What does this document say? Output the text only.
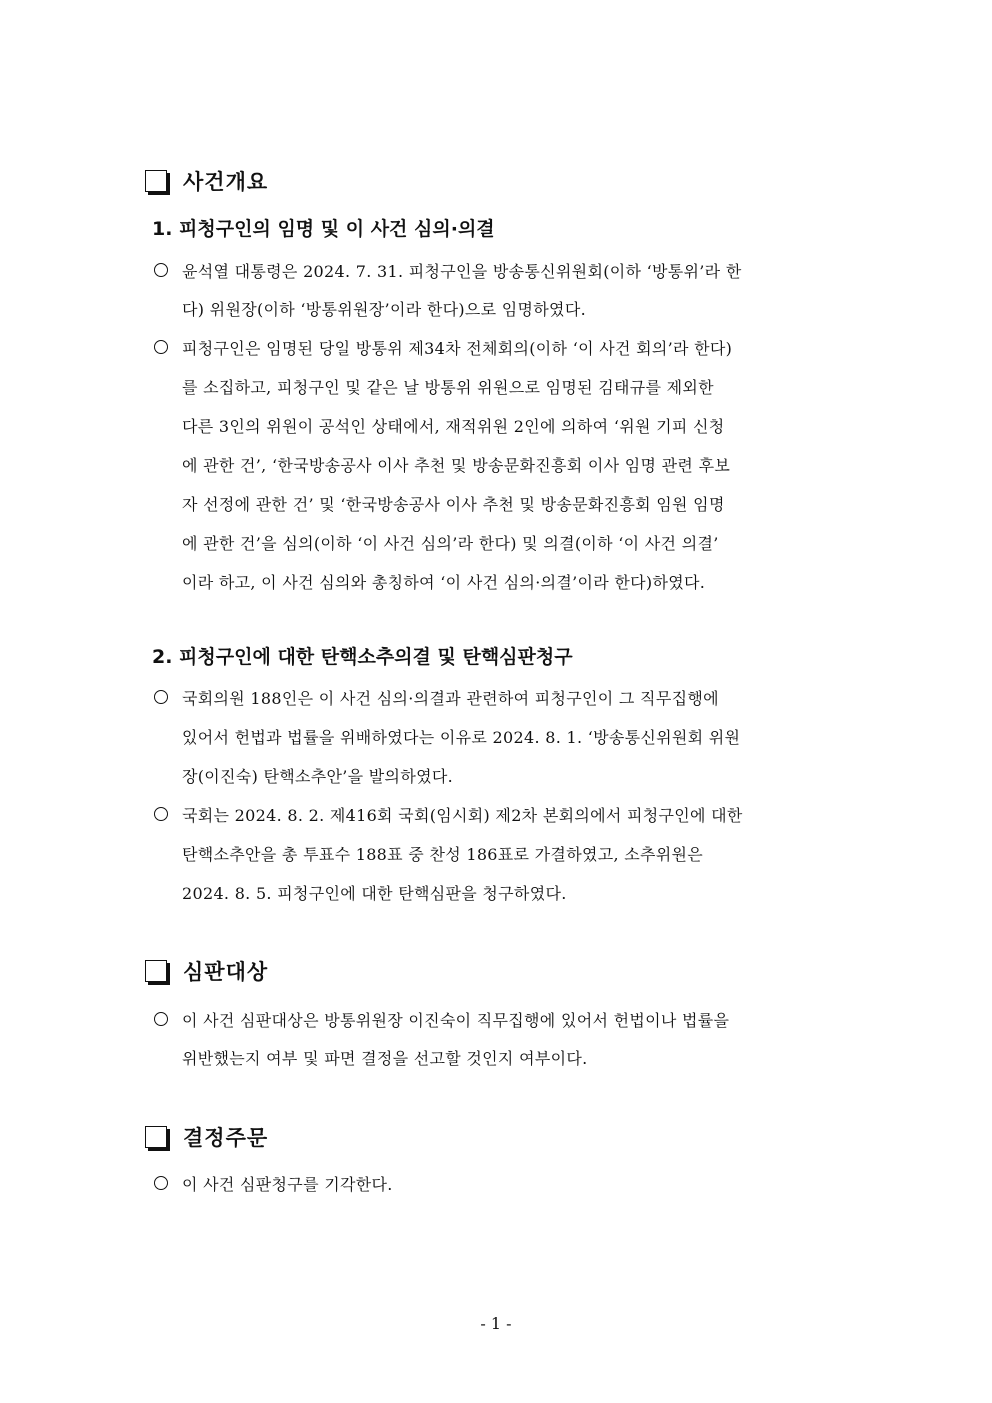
사건개요
1. 피청구인의 임명 및 이 사건 심의·의결
윤석열 대통령은 2024. 7. 31. 피청구인을 방송통신위원회(이하 ‘방통위’라 한
다) 위원장(이하 ‘방통위원장’이라 한다)으로 임명하였다.
피청구인은 임명된 당일 방통위 제34차 전체회의(이하 ‘이 사건 회의’라 한다)
를 소집하고, 피청구인 및 같은 날 방통위 위원으로 임명된 김태규를 제외한
다른 3인의 위원이 공석인 상태에서, 재적위원 2인에 의하여 ‘위원 기피 신청
에 관한 건’, ‘한국방송공사 이사 추천 및 방송문화진흥회 이사 임명 관련 후보
자 선정에 관한 건’ 및 ‘한국방송공사 이사 추천 및 방송문화진흥회 임원 임명
에 관한 건’을 심의(이하 ‘이 사건 심의’라 한다) 및 의결(이하 ‘이 사건 의결’
이라 하고, 이 사건 심의와 총칭하여 ‘이 사건 심의·의결’이라 한다)하였다.
2. 피청구인에 대한 탄핵소추의결 및 탄핵심판청구
국회의원 188인은 이 사건 심의·의결과 관련하여 피청구인이 그 직무집행에
있어서 헌법과 법률을 위배하였다는 이유로 2024. 8. 1. ‘방송통신위원회 위원
장(이진숙) 탄핵소추안’을 발의하였다.
국회는 2024. 8. 2. 제416회 국회(임시회) 제2차 본회의에서 피청구인에 대한
탄핵소추안을 총 투표수 188표 중 찬성 186표로 가결하였고, 소추위원은
2024. 8. 5. 피청구인에 대한 탄핵심판을 청구하였다.
심판대상
이 사건 심판대상은 방통위원장 이진숙이 직무집행에 있어서 헌법이나 법률을
위반했는지 여부 및 파면 결정을 선고할 것인지 여부이다.
결정주문
이 사건 심판청구를 기각한다.
- 1 -
